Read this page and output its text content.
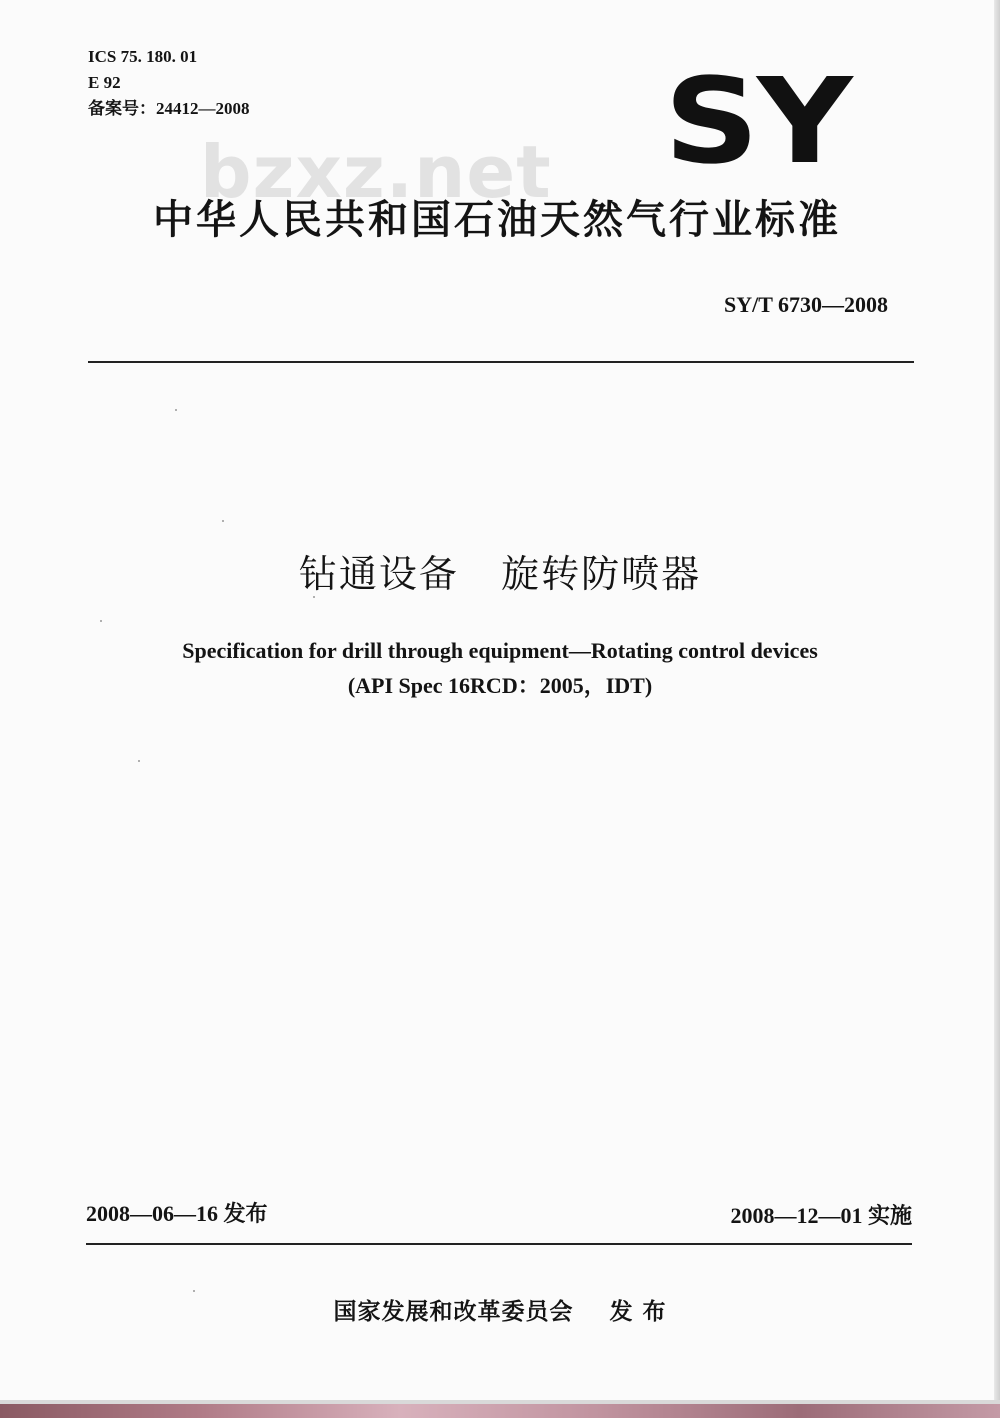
ICS 75. 180. 01
E 92
备案号：24412—2008	SY
bzxz.net
中华人民共和国石油天然气行业标准
SY/T 6730—2008
钻通设备   旋转防喷器
Specification for drill through equipment—Rotating control devices
(API Spec 16RCD：2005，IDT)
2008—06—16 发布	2008—12—01 实施
国家发展和改革委员会    发 布
